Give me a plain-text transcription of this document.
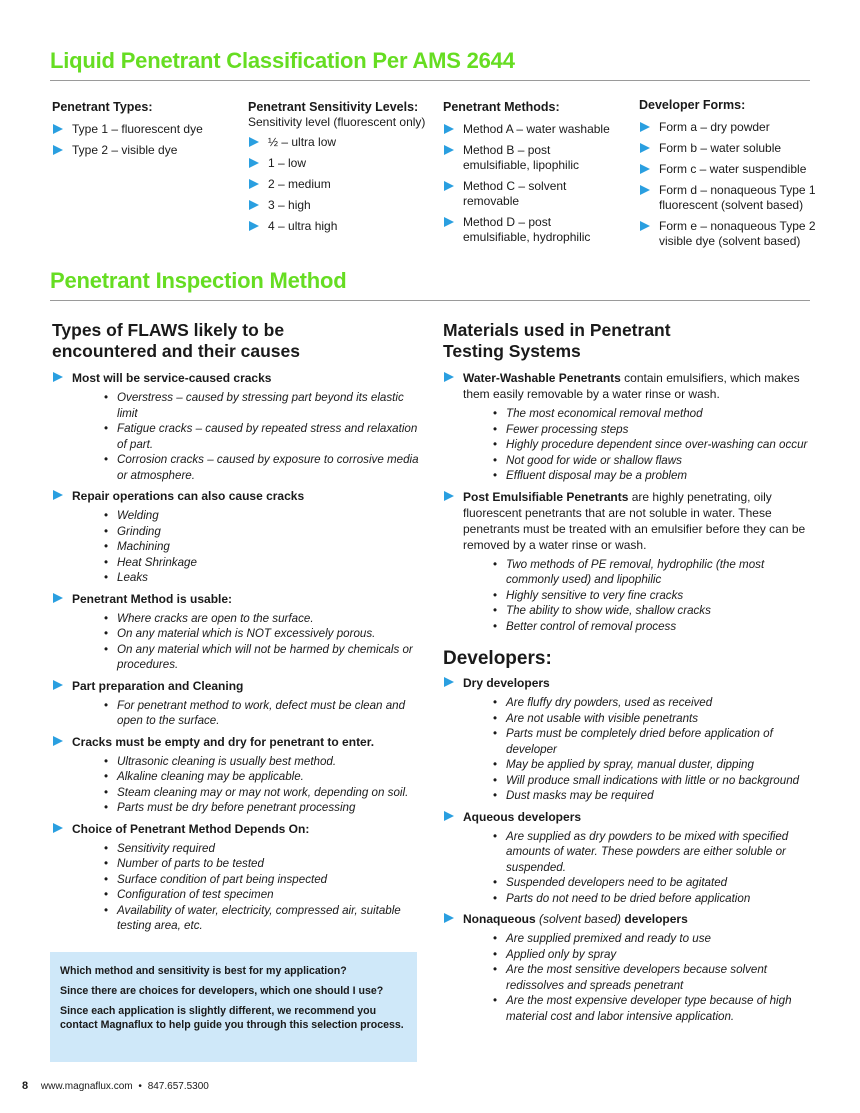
Liquid Penetrant Classification Per AMS 2644
Penetrant Types:
Type 1 – fluorescent dye
Type 2 – visible dye
Penetrant Sensitivity Levels:
Sensitivity level (fluorescent only)
½ – ultra low
1 – low
2 – medium
3 – high
4 – ultra high
Penetrant Methods:
Method A – water washable
Method B – post emulsifiable, lipophilic
Method C – solvent removable
Method D – post emulsifiable, hydrophilic
Developer Forms:
Form a – dry powder
Form b – water soluble
Form c – water suspendible
Form d – nonaqueous Type 1 fluorescent (solvent based)
Form e – nonaqueous Type 2 visible dye (solvent based)
Penetrant Inspection Method
Types of FLAWS likely to be
encountered and their causes
Most will be service-caused cracks
• Overstress – caused by stressing part beyond its elastic limit
• Fatigue cracks – caused by repeated stress and relaxation of part.
• Corrosion cracks – caused by exposure to corrosive media or atmosphere.
Repair operations can also cause cracks
• Welding
• Grinding
• Machining
• Heat Shrinkage
• Leaks
Penetrant Method is usable:
• Where cracks are open to the surface.
• On any material which is NOT excessively porous.
• On any material which will not be harmed by chemicals or procedures.
Part preparation and Cleaning
• For penetrant method to work, defect must be clean and open to the surface.
Cracks must be empty and dry for penetrant to enter.
• Ultrasonic cleaning is usually best method.
• Alkaline cleaning may be applicable.
• Steam cleaning may or may not work, depending on soil.
• Parts must be dry before penetrant processing
Choice of Penetrant Method Depends On:
• Sensitivity required
• Number of parts to be tested
• Surface condition of part being inspected
• Configuration of test specimen
• Availability of water, electricity, compressed air, suitable testing area, etc.

Which method and sensitivity is best for my application?

Since there are choices for developers, which one should I use?

Since each application is slightly different, we recommend you contact Magnaflux to help guide you through this selection process.

Materials used in Penetrant
Testing Systems
Water-Washable Penetrants contain emulsifiers, which makes them easily removable by a water rinse or wash.
• The most economical removal method
• Fewer processing steps
• Highly procedure dependent since over-washing can occur
• Not good for wide or shallow flaws
• Effluent disposal may be a problem
Post Emulsifiable Penetrants are highly penetrating, oily fluorescent penetrants that are not soluble in water. These penetrants must be treated with an emulsifier before they can be removed by a water rinse or wash.
• Two methods of PE removal, hydrophilic (the most commonly used) and lipophilic
• Highly sensitive to very fine cracks
• The ability to show wide, shallow cracks
• Better control of removal process
Developers:
Dry developers
• Are fluffy dry powders, used as received
• Are not usable with visible penetrants
• Parts must be completely dried before application of developer
• May be applied by spray, manual duster, dipping
• Will produce small indications with little or no background
• Dust masks may be required
Aqueous developers
• Are supplied as dry powders to be mixed with specified amounts of water. These powders are either soluble or suspended.
• Suspended developers need to be agitated
• Parts do not need to be dried before application
Nonaqueous (solvent based) developers
• Are supplied premixed and ready to use
• Applied only by spray
• Are the most sensitive developers because solvent redissolves and spreads penetrant
• Are the most expensive developer type because of high material cost and labor intensive application.
8 www.magnaflux.com • 847.657.5300
